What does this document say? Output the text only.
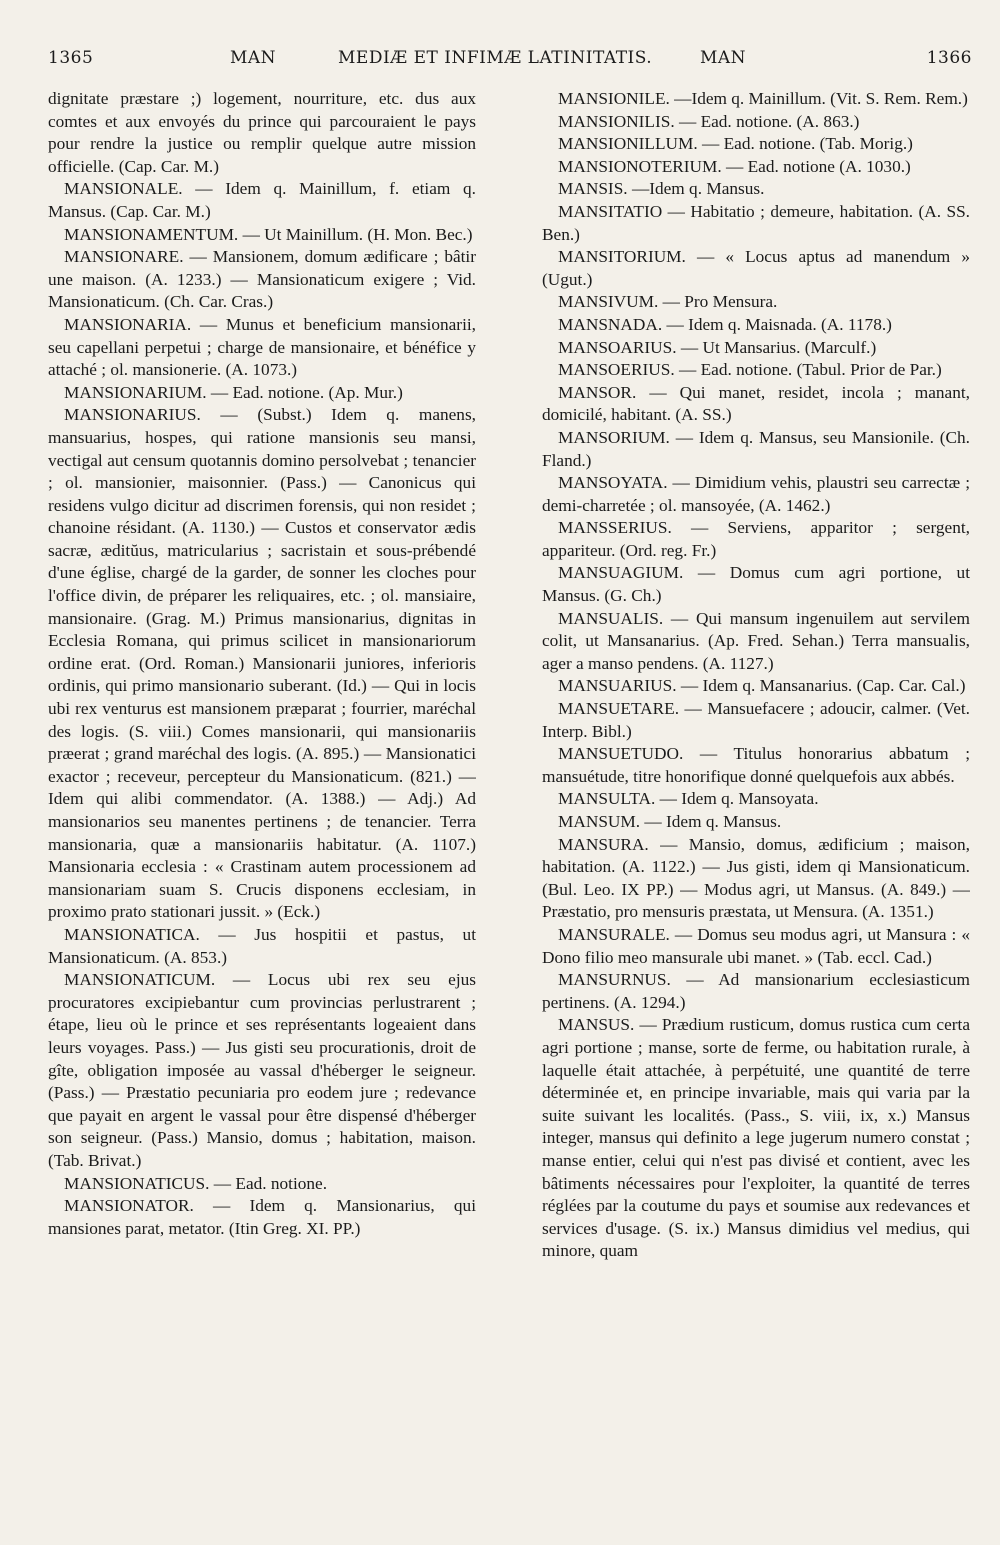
1365	MAN	MEDIÆ ET INFIMÆ LATINITATIS.	MAN	1366

dignitate præstare ;) logement, nourriture, etc. dus aux comtes et aux envoyés du prince qui parcouraient le pays pour rendre la justice ou remplir quelque autre mission officielle. (Cap. Car. M.)

MANSIONALE. — Idem q. Mainillum, f. etiam q. Mansus. (Cap. Car. M.)

MANSIONAMENTUM. — Ut Mainillum. (H. Mon. Bec.)

MANSIONARE. — Mansionem, domum ædificare ; bâtir une maison. (A. 1233.) — Mansionaticum exigere ; Vid. Mansionaticum. (Ch. Car. Cras.)

MANSIONARIA. — Munus et beneficium mansionarii, seu capellani perpetui ; charge de mansionaire, et bénéfice y attaché ; ol. mansionerie. (A. 1073.)

MANSIONARIUM. — Ead. notione. (Ap. Mur.)

MANSIONARIUS. — (Subst.) Idem q. manens, mansuarius, hospes, qui ratione mansionis seu mansi, vectigal aut censum quotannis domino persolvebat ; tenancier ; ol. mansionier, maisonnier. (Pass.) — Canonicus qui residens vulgo dicitur ad discrimen forensis, qui non residet ; chanoine résidant. (A. 1130.) — Custos et conservator ædis sacræ, æditŭus, matricularius ; sacristain et sous-prébendé d'une église, chargé de la garder, de sonner les cloches pour l'office divin, de préparer les reliquaires, etc. ; ol. mansiaire, mansionaire. (Grag. M.) Primus mansionarius, dignitas in Ecclesia Romana, qui primus scilicet in mansionariorum ordine erat. (Ord. Roman.) Mansionarii juniores, inferioris ordinis, qui primo mansionario suberant. (Id.) — Qui in locis ubi rex venturus est mansionem præparat ; fourrier, maréchal des logis. (S. viii.) Comes mansionarii, qui mansionariis præerat ; grand maréchal des logis. (A. 895.) — Mansionatici exactor ; receveur, percepteur du Mansionaticum. (821.) — Idem qui alibi commendator. (A. 1388.) — Adj.) Ad mansionarios seu manentes pertinens ; de tenancier. Terra mansionaria, quæ a mansionariis habitatur. (A. 1107.) Mansionaria ecclesia : « Crastinam autem processionem ad mansionariam suam S. Crucis disponens ecclesiam, in proximo prato stationari jussit. » (Eck.)

MANSIONATICA. — Jus hospitii et pastus, ut Mansionaticum. (A. 853.)

MANSIONATICUM. — Locus ubi rex seu ejus procuratores excipiebantur cum provincias perlustrarent ; étape, lieu où le prince et ses représentants logeaient dans leurs voyages. Pass.) — Jus gisti seu procurationis, droit de gîte, obligation imposée au vassal d'héberger le seigneur. (Pass.) — Præstatio pecuniaria pro eodem jure ; redevance que payait en argent le vassal pour être dispensé d'héberger son seigneur. (Pass.) Mansio, domus ; habitation, maison. (Tab. Brivat.)

MANSIONATICUS. — Ead. notione.

MANSIONATOR. — Idem q. Mansionarius, qui mansiones parat, metator. (Itin Greg. XI. PP.)

MANSIONILE. —Idem q. Mainillum. (Vit. S. Rem. Rem.)

MANSIONILIS. — Ead. notione. (A. 863.)

MANSIONILLUM. — Ead. notione. (Tab. Morig.)

MANSIONOTERIUM. — Ead. notione (A. 1030.)

MANSIS. —Idem q. Mansus.

MANSITATIO — Habitatio ; demeure, habitation. (A. SS. Ben.)

MANSITORIUM. — « Locus aptus ad manendum » (Ugut.)

MANSIVUM. — Pro Mensura.

MANSNADA. — Idem q. Maisnada. (A. 1178.)

MANSOARIUS. — Ut Mansarius. (Marculf.)

MANSOERIUS. — Ead. notione. (Tabul. Prior de Par.)

MANSOR. — Qui manet, residet, incola ; manant, domicilé, habitant. (A. SS.)

MANSORIUM. — Idem q. Mansus, seu Mansionile. (Ch. Fland.)

MANSOYATA. — Dimidium vehis, plaustri seu carrectæ ; demi-charretée ; ol. mansoyée, (A. 1462.)

MANSSERIUS. — Serviens, apparitor ; sergent, appariteur. (Ord. reg. Fr.)

MANSUAGIUM. — Domus cum agri portione, ut Mansus. (G. Ch.)

MANSUALIS. — Qui mansum ingenuilem aut servilem colit, ut Mansanarius. (Ap. Fred. Sehan.) Terra mansualis, ager a manso pendens. (A. 1127.)

MANSUARIUS. — Idem q. Mansanarius. (Cap. Car. Cal.)

MANSUETARE. — Mansuefacere ; adoucir, calmer. (Vet. Interp. Bibl.)

MANSUETUDO. — Titulus honorarius abbatum ; mansuétude, titre honorifique donné quelquefois aux abbés.

MANSULTA. — Idem q. Mansoyata.

MANSUM. — Idem q. Mansus.

MANSURA. — Mansio, domus, ædificium ; maison, habitation. (A. 1122.) — Jus gisti, idem qi Mansionaticum. (Bul. Leo. IX PP.) — Modus agri, ut Mansus. (A. 849.) — Præstatio, pro mensuris præstata, ut Mensura. (A. 1351.)

MANSURALE. — Domus seu modus agri, ut Mansura : « Dono filio meo mansurale ubi manet. » (Tab. eccl. Cad.)

MANSURNUS. — Ad mansionarium ecclesiasticum pertinens. (A. 1294.)

MANSUS. — Prædium rusticum, domus rustica cum certa agri portione ; manse, sorte de ferme, ou habitation rurale, à laquelle était attachée, à perpétuité, une quantité de terre déterminée et, en principe invariable, mais qui varia par la suite suivant les localités. (Pass., S. viii, ix, x.) Mansus integer, mansus qui definito a lege jugerum numero constat ; manse entier, celui qui n'est pas divisé et contient, avec les bâtiments nécessaires pour l'exploiter, la quantité de terres réglées par la coutume du pays et soumise aux redevances et services d'usage. (S. ix.) Mansus dimidius vel medius, qui minore, quam
